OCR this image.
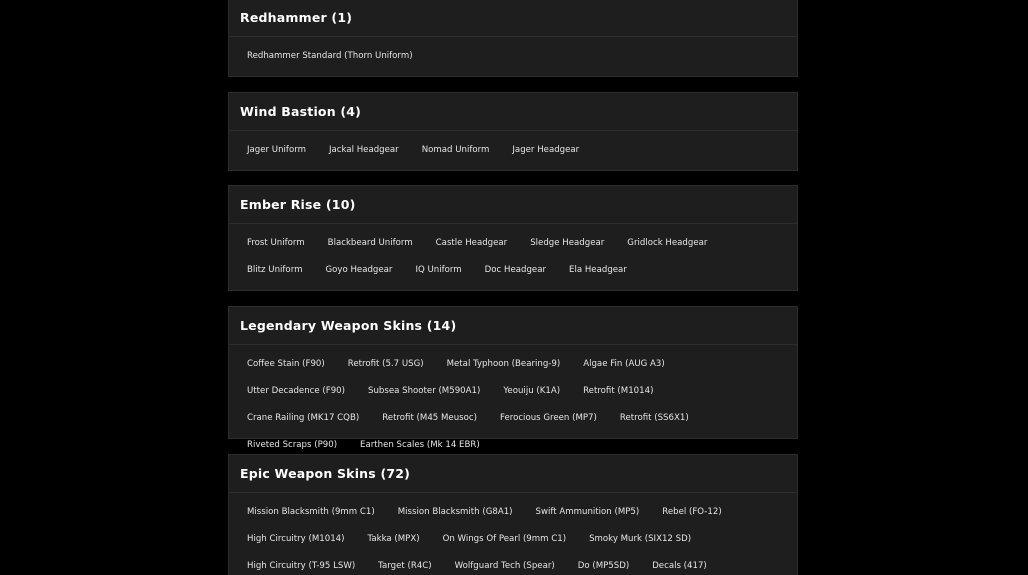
Redhammer (1)
Redhammer Standard (Thorn Uniform)
Wind Bastion (4)
Jager Uniform	Jackal Headgear	Nomad Uniform	Jager Headgear
Ember Rise (10)
Frost Uniform	Blackbeard Uniform	Castle Headgear	Sledge Headgear	Gridlock Headgear
Blitz Uniform	Goyo Headgear	IQ Uniform	Doc Headgear	Ela Headgear
Legendary Weapon Skins (14)
Coffee Stain (F90)	Retrofit (5.7 USG)	Metal Typhoon (Bearing-9)	Algae Fin (AUG A3)
Utter Decadence (F90)	Subsea Shooter (M590A1)	Yeouiju (K1A)	Retrofit (M1014)
Crane Railing (MK17 CQB)	Retrofit (M45 Meusoc)	Ferocious Green (MP7)	Retrofit (SS6X1)
Riveted Scraps (P90)	Earthen Scales (Mk 14 EBR)
Epic Weapon Skins (72)
Mission Blacksmith (9mm C1)	Mission Blacksmith (G8A1)	Swift Ammunition (MP5)	Rebel (FO-12)
High Circuitry (M1014)	Takka (MPX)	On Wings Of Pearl (9mm C1)	Smoky Murk (SIX12 SD)
High Circuitry (T-95 LSW)	Target (R4C)	Wolfguard Tech (Spear)	Do (MP5SD)	Decals (417)
